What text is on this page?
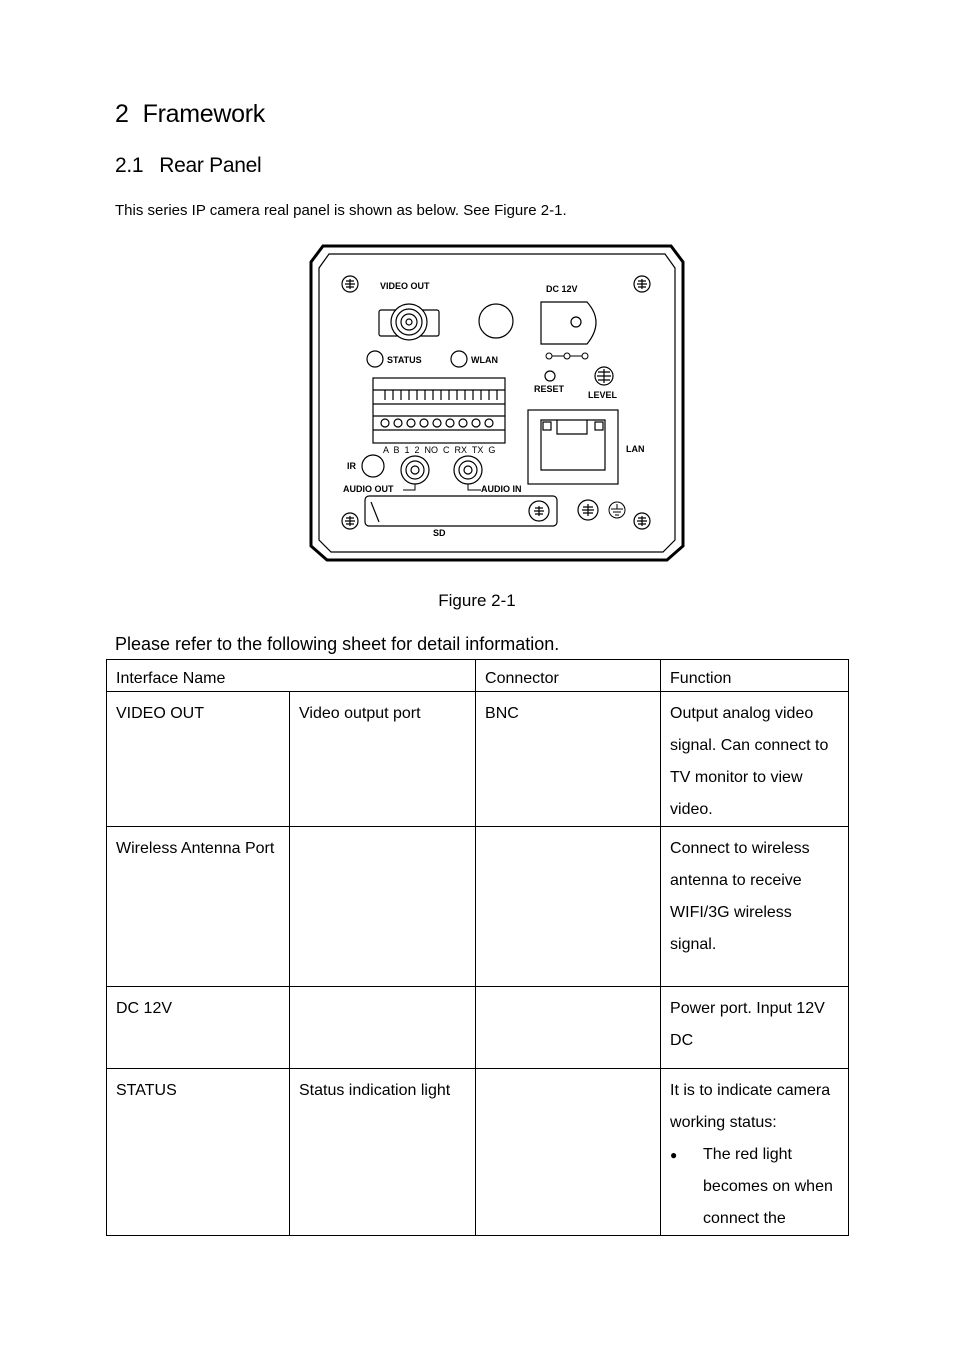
2 Framework
2.1 Rear Panel
This series IP camera real panel is shown as below. See Figure 2-1.
VIDEO OUT	DC 12V
STATUS	WLAN
RESET
LEVEL
LAN
IR
AUDIO OUT	AUDIO IN
SD
A  B  1  2  NO  C  RX  TX  G
Figure 2-1
Please refer to the following sheet for detail information.
Interface Name		Connector	Function
VIDEO OUT	Video output port	BNC	Output analog video signal. Can connect to TV monitor to view video.
Wireless Antenna Port			Connect to wireless antenna to receive WIFI/3G wireless signal.
DC 12V			Power port. Input 12V DC
STATUS	Status indication light		It is to indicate camera working status:
● The red light becomes on when connect the
